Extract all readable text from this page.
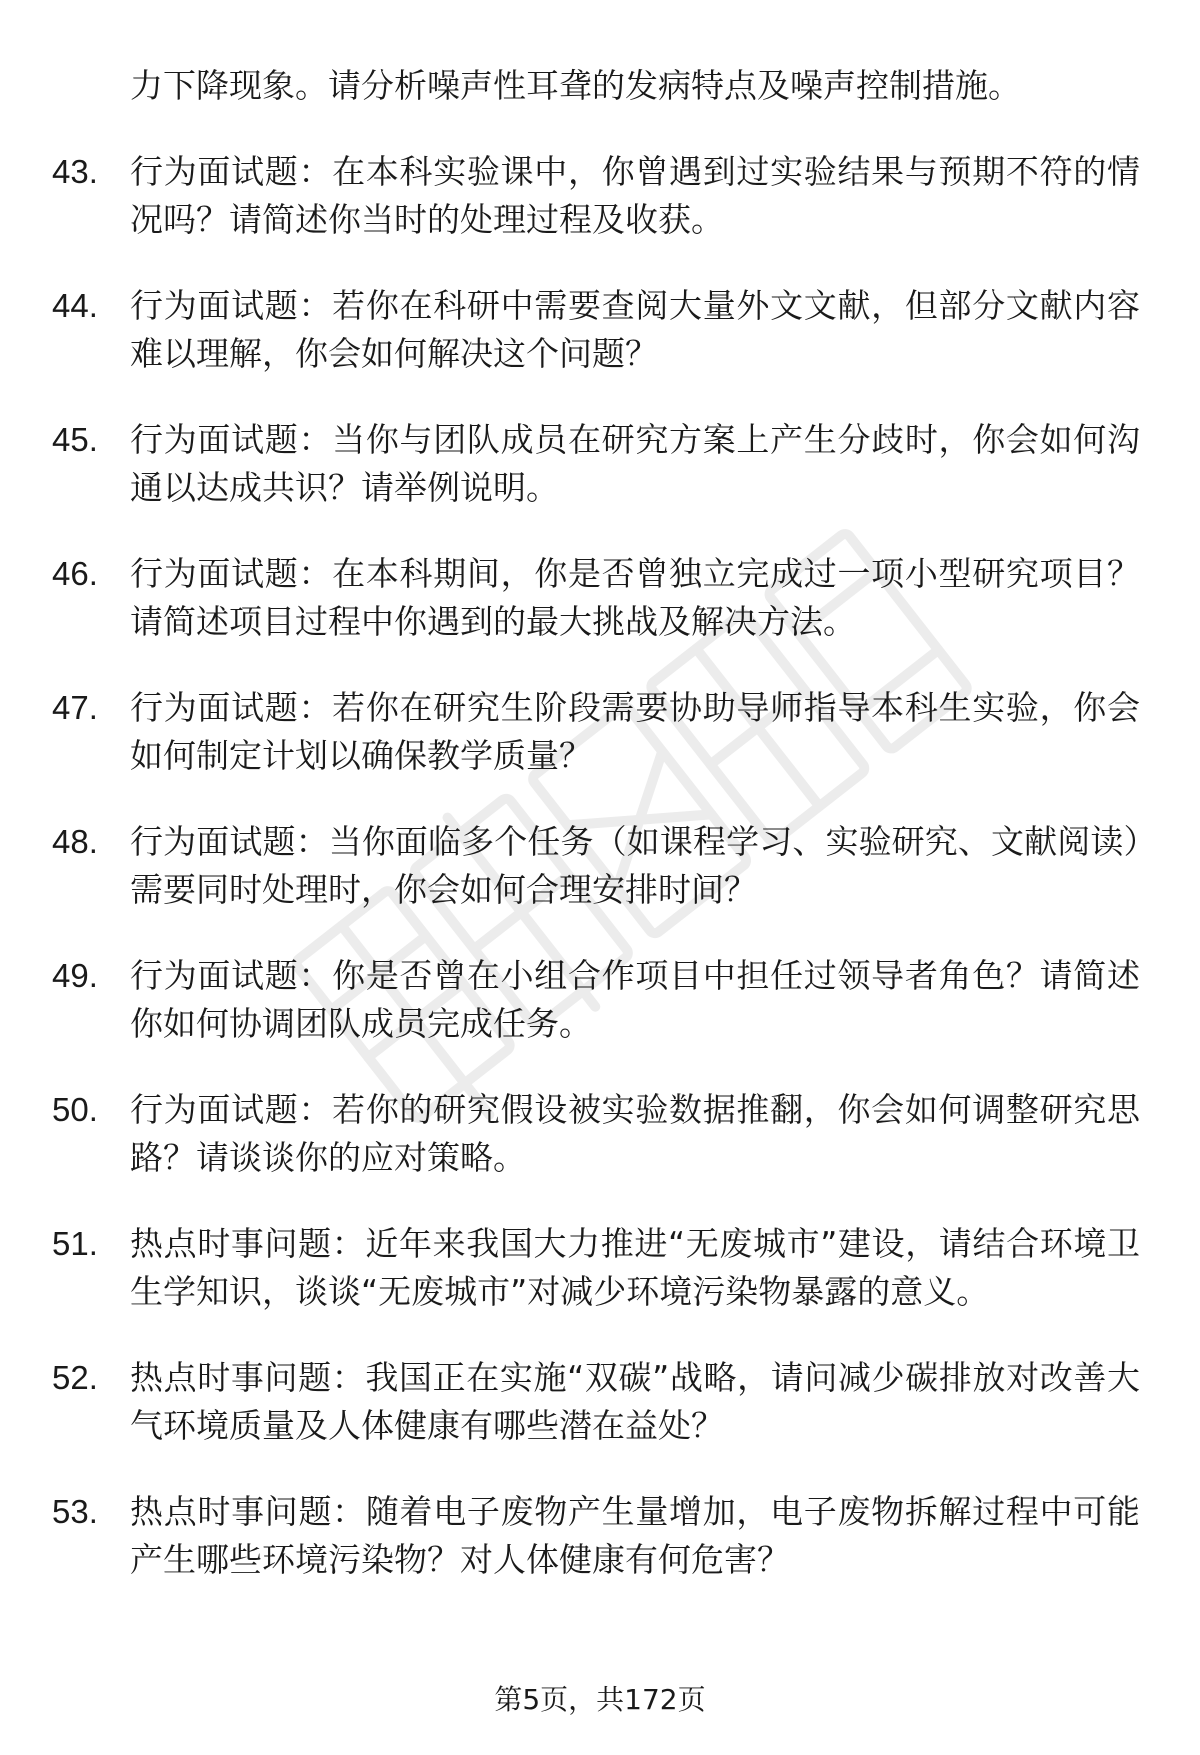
力下降现象。请分析噪声性耳聋的发病特点及噪声控制措施。
43. 行为面试题：在本科实验课中，你曾遇到过实验结果与预期不符的情况吗？请简述你当时的处理过程及收获。
44. 行为面试题：若你在科研中需要查阅大量外文文献，但部分文献内容难以理解，你会如何解决这个问题？
45. 行为面试题：当你与团队成员在研究方案上产生分歧时，你会如何沟通以达成共识？请举例说明。
46. 行为面试题：在本科期间，你是否曾独立完成过一项小型研究项目？请简述项目过程中你遇到的最大挑战及解决方法。
47. 行为面试题：若你在研究生阶段需要协助导师指导本科生实验，你会如何制定计划以确保教学质量？
48. 行为面试题：当你面临多个任务（如课程学习、实验研究、文献阅读）需要同时处理时，你会如何合理安排时间？
49. 行为面试题：你是否曾在小组合作项目中担任过领导者角色？请简述你如何协调团队成员完成任务。
50. 行为面试题：若你的研究假设被实验数据推翻，你会如何调整研究思路？请谈谈你的应对策略。
51. 热点时事问题：近年来我国大力推进“无废城市”建设，请结合环境卫生学知识，谈谈“无废城市”对减少环境污染物暴露的意义。
52. 热点时事问题：我国正在实施“双碳”战略，请问减少碳排放对改善大气环境质量及人体健康有哪些潜在益处？
53. 热点时事问题：随着电子废物产生量增加，电子废物拆解过程中可能产生哪些环境污染物？对人体健康有何危害？
第5页，共172页
